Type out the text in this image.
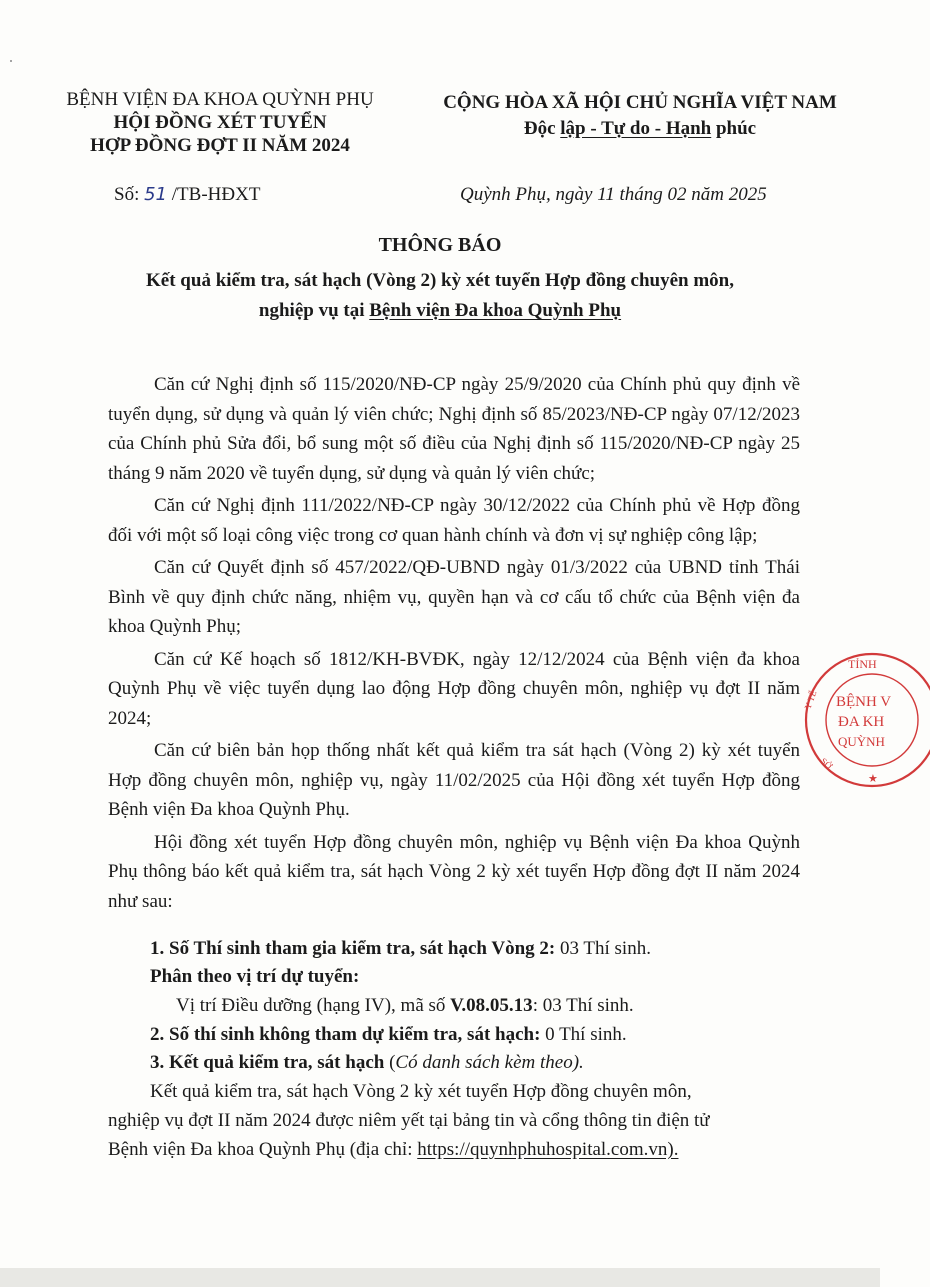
BỆNH VIỆN ĐA KHOA QUỲNH PHỤ
HỘI ĐỒNG XÉT TUYỂN
HỢP ĐỒNG ĐỢT II NĂM 2024
CỘNG HÒA XÃ HỘI CHỦ NGHĨA VIỆT NAM
Độc lập - Tự do - Hạnh phúc
Số: 51 /TB-HĐXT	Quỳnh Phụ, ngày 11 tháng 02 năm 2025
THÔNG BÁO
Kết quả kiểm tra, sát hạch (Vòng 2) kỳ xét tuyển Hợp đồng chuyên môn,
nghiệp vụ tại Bệnh viện Đa khoa Quỳnh Phụ

Căn cứ Nghị định số 115/2020/NĐ-CP ngày 25/9/2020 của Chính phủ quy định về tuyển dụng, sử dụng và quản lý viên chức; Nghị định số 85/2023/NĐ-CP ngày 07/12/2023 của Chính phủ Sửa đổi, bổ sung một số điều của Nghị định số 115/2020/NĐ-CP ngày 25 tháng 9 năm 2020 về tuyển dụng, sử dụng và quản lý viên chức;

Căn cứ Nghị định 111/2022/NĐ-CP ngày 30/12/2022 của Chính phủ về Hợp đồng đối với một số loại công việc trong cơ quan hành chính và đơn vị sự nghiệp công lập;

Căn cứ Quyết định số 457/2022/QĐ-UBND ngày 01/3/2022 của UBND tỉnh Thái Bình về quy định chức năng, nhiệm vụ, quyền hạn và cơ cấu tổ chức của Bệnh viện đa khoa Quỳnh Phụ;

Căn cứ Kế hoạch số 1812/KH-BVĐK, ngày 12/12/2024 của Bệnh viện đa khoa Quỳnh Phụ về việc tuyển dụng lao động Hợp đồng chuyên môn, nghiệp vụ đợt II năm 2024;

Căn cứ biên bản họp thống nhất kết quả kiểm tra sát hạch (Vòng 2) kỳ xét tuyển Hợp đồng chuyên môn, nghiệp vụ, ngày 11/02/2025 của Hội đồng xét tuyển Hợp đồng Bệnh viện Đa khoa Quỳnh Phụ.

Hội đồng xét tuyển Hợp đồng chuyên môn, nghiệp vụ Bệnh viện Đa khoa Quỳnh Phụ thông báo kết quả kiểm tra, sát hạch Vòng 2 kỳ xét tuyển Hợp đồng đợt II năm 2024 như sau:

1. Số Thí sinh tham gia kiểm tra, sát hạch Vòng 2: 03 Thí sinh.
Phân theo vị trí dự tuyển:
Vị trí Điều dưỡng (hạng IV), mã số V.08.05.13: 03 Thí sinh.
2. Số thí sinh không tham dự kiểm tra, sát hạch: 0 Thí sinh.
3. Kết quả kiểm tra, sát hạch (Có danh sách kèm theo).
Kết quả kiểm tra, sát hạch Vòng 2 kỳ xét tuyển Hợp đồng chuyên môn,
nghiệp vụ đợt II năm 2024 được niêm yết tại bảng tin và cổng thông tin điện tử
Bệnh viện Đa khoa Quỳnh Phụ (địa chỉ: https://quynhphuhospital.com.vn).
TỈNH
BỆNH V
ĐA KH
QUỲNH
Y TẾ
SỞ
★
